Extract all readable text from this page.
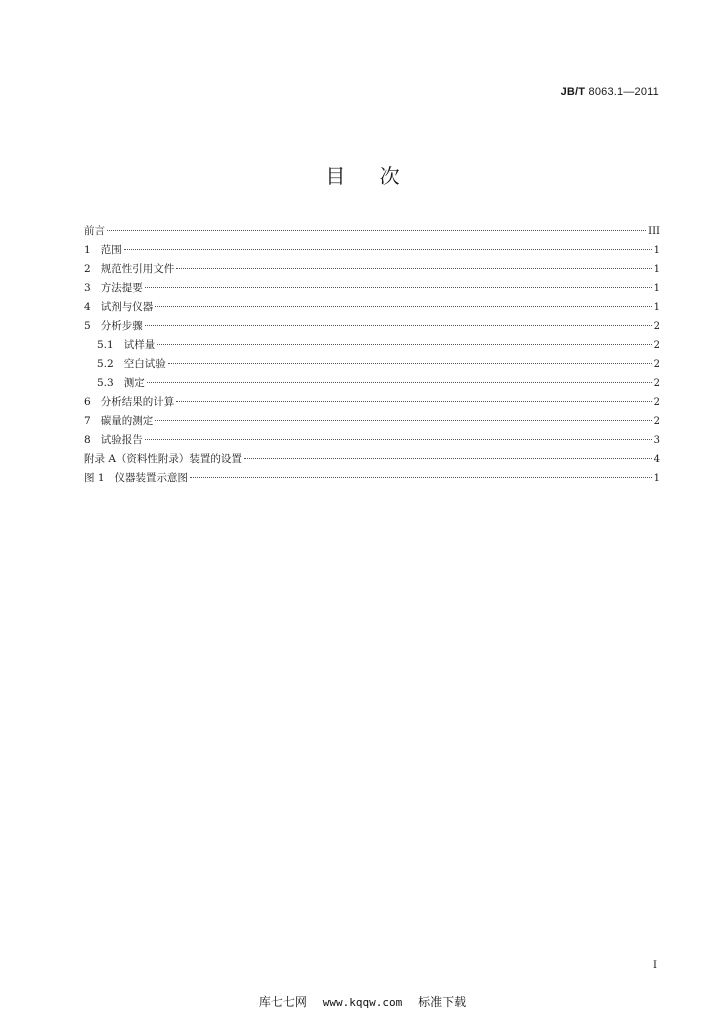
JB/T 8063.1—2011
目 次
前言	III
1   范围	1
2   规范性引用文件	1
3   方法提要	1
4   试剂与仪器	1
5   分析步骤	2
5.1   试样量	2
5.2   空白试验	2
5.3   测定	2
6   分析结果的计算	2
7   碳量的测定	2
8   试验报告	3
附录 A（资料性附录）装置的设置	4
图 1   仪器装置示意图	1
I
库七七网 www.kqqw.com 标准下载
